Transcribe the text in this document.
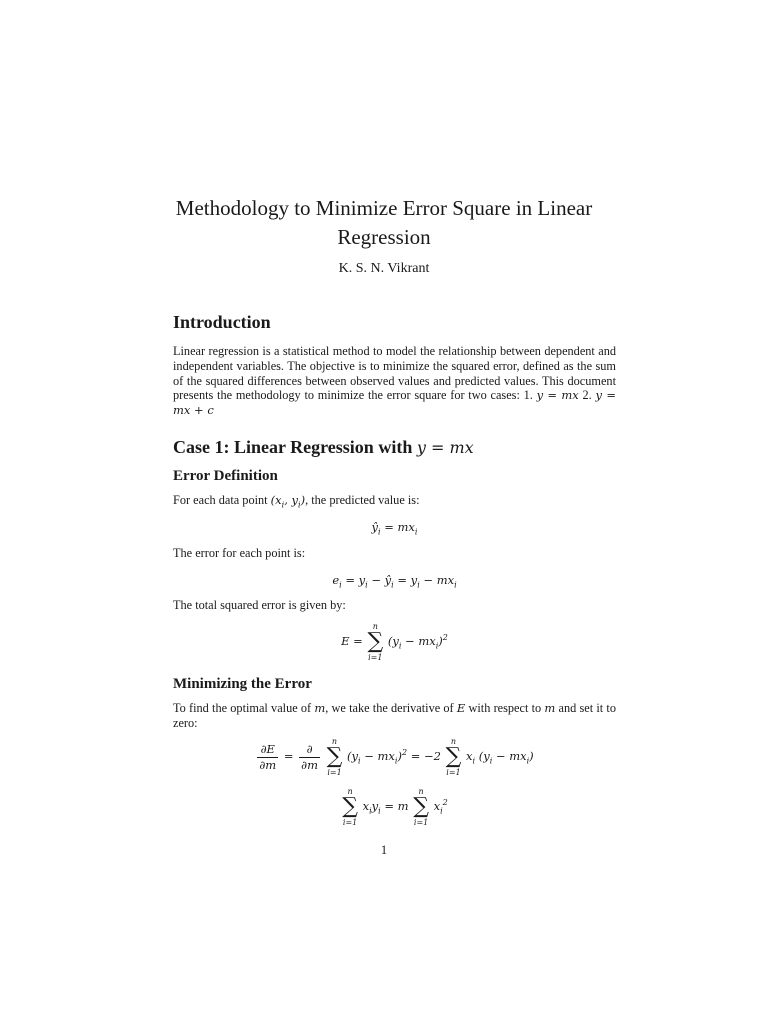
Methodology to Minimize Error Square in Linear Regression
K. S. N. Vikrant
Introduction
Linear regression is a statistical method to model the relationship between dependent and independent variables. The objective is to minimize the squared error, defined as the sum of the squared differences between observed values and predicted values. This document presents the methodology to minimize the error square for two cases: 1. y = mx 2. y = mx + c
Case 1: Linear Regression with y = mx
Error Definition
For each data point ($x_i$, $y_i$), the predicted value is:
$ŷ_i = mx_i$
The error for each point is:
$e_i = y_i$ − $ŷ_i = y_i - mx_i$
The total squared error is given by:
E =
n
∑
i=1
$(y_i - mx_i)^2$
Minimizing the Error
To find the optimal value of m, we take the derivative of E with respect to m and set it to zero:
$\frac{\partial E}{\partial m} = \frac{\partial}{\partial m}$
	n
∑
i=1
$(y_i - mx_i)^2 = -2$
n
∑
i=1
$x_i$ $(y_i - mx_i)$
n
∑
i=1
$x_iy_i = m$
n
∑
i=1
$x_i^2$
1
